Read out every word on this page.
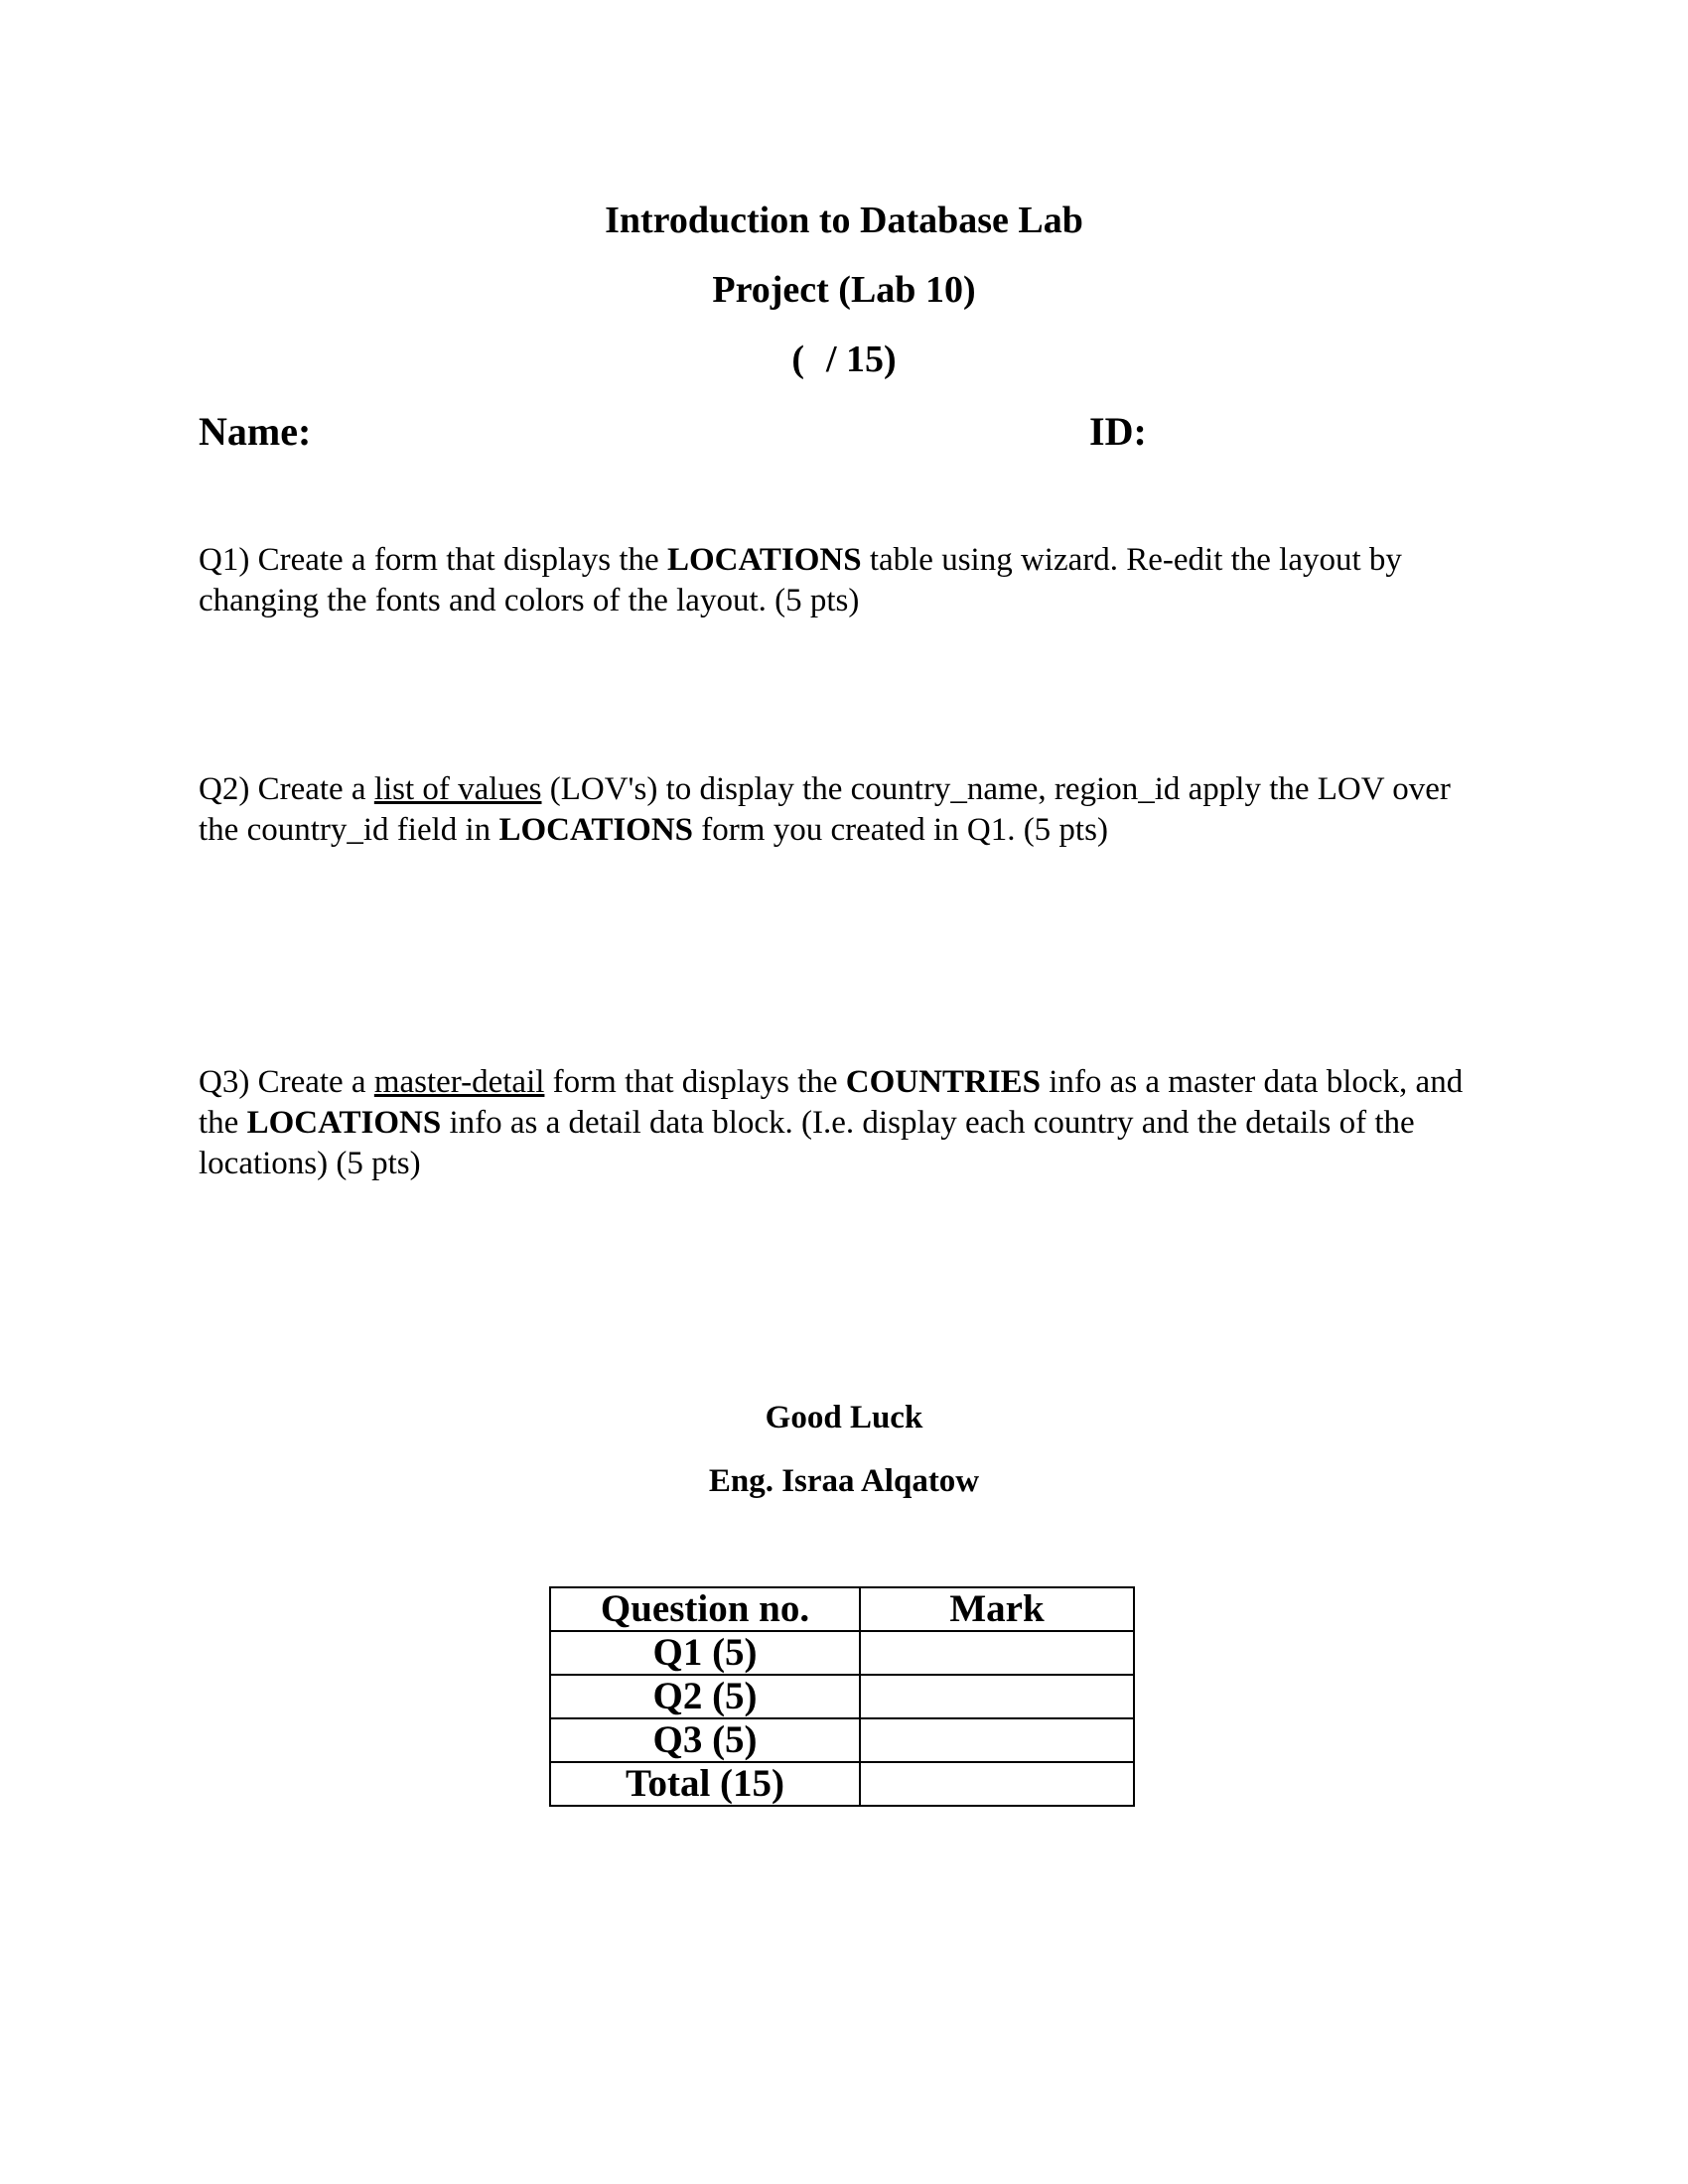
Introduction to Database Lab
Project (Lab 10)
( / 15)
Name:	ID:
Q1) Create a form that displays the LOCATIONS table using wizard. Re-edit the layout by changing the fonts and colors of the layout. (5 pts)
Q2) Create a list of values (LOV's) to display the country_name, region_id apply the LOV over the country_id field in LOCATIONS form you created in Q1. (5 pts)
Q3) Create a master-detail form that displays the COUNTRIES info as a master data block, and the LOCATIONS info as a detail data block. (I.e. display each country and the details of the locations) (5 pts)
Good Luck
Eng. Israa Alqatow
Question no.	Mark
Q1 (5)	
Q2 (5)	
Q3 (5)	
Total (15)	
